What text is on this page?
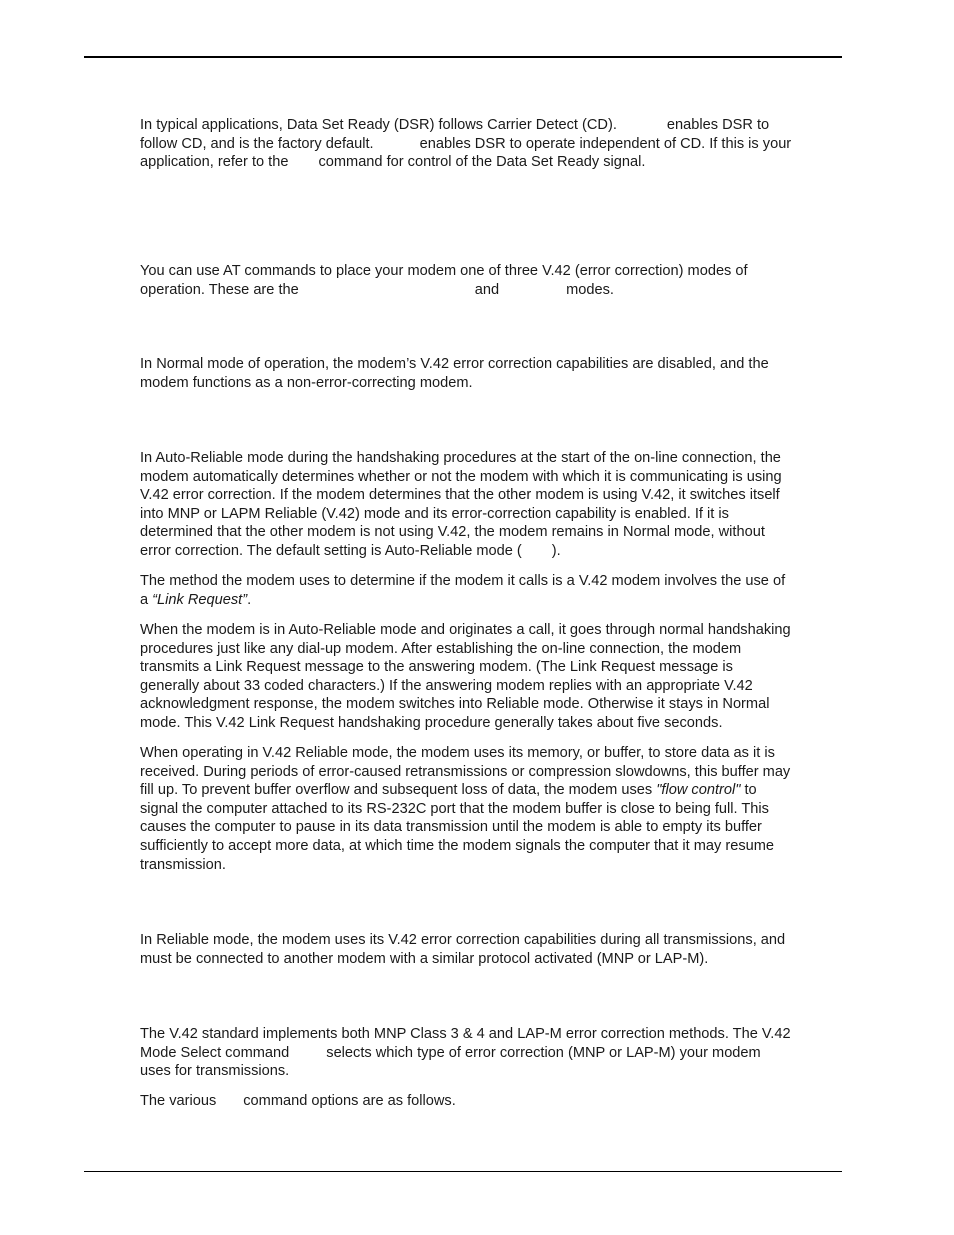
In typical applications, Data Set Ready (DSR) follows Carrier Detect (CD).	enables DSR to
follow CD, and is the factory default.	enables DSR to operate independent of CD. If this is your
application, refer to the command for control of the Data Set Ready signal.

You can use AT commands to place your modem one of three V.42 (error correction) modes of
operation. These are the	and	modes.

In Normal mode of operation, the modem’s V.42 error correction capabilities are disabled, and the
modem functions as a non-error-correcting modem.

In Auto-Reliable mode during the handshaking procedures at the start of the on-line connection, the
modem automatically determines whether or not the modem with which it is communicating is using
V.42 error correction. If the modem determines that the other modem is using V.42, it switches itself
into MNP or LAPM Reliable (V.42) mode and its error-correction capability is enabled. If it is
determined that the other modem is not using V.42, the modem remains in Normal mode, without
error correction. The default setting is Auto-Reliable mode ( ).

The method the modem uses to determine if the modem it calls is a V.42 modem involves the use of
a “Link Request”.

When the modem is in Auto-Reliable mode and originates a call, it goes through normal handshaking
procedures just like any dial-up modem. After establishing the on-line connection, the modem
transmits a Link Request message to the answering modem. (The Link Request message is
generally about 33 coded characters.) If the answering modem replies with an appropriate V.42
acknowledgment response, the modem switches into Reliable mode. Otherwise it stays in Normal
mode. This V.42 Link Request handshaking procedure generally takes about five seconds.

When operating in V.42 Reliable mode, the modem uses its memory, or buffer, to store data as it is
received. During periods of error-caused retransmissions or compression slowdowns, this buffer may
fill up. To prevent buffer overflow and subsequent loss of data, the modem uses "flow control" to
signal the computer attached to its RS-232C port that the modem buffer is close to being full. This
causes the computer to pause in its data transmission until the modem is able to empty its buffer
sufficiently to accept more data, at which time the modem signals the computer that it may resume
transmission.

In Reliable mode, the modem uses its V.42 error correction capabilities during all transmissions, and
must be connected to another modem with a similar protocol activated (MNP or LAP-M).

The V.42 standard implements both MNP Class 3 & 4 and LAP-M error correction methods. The V.42
Mode Select command	selects which type of error correction (MNP or LAP-M) your modem
uses for transmissions.

The various command options are as follows.
